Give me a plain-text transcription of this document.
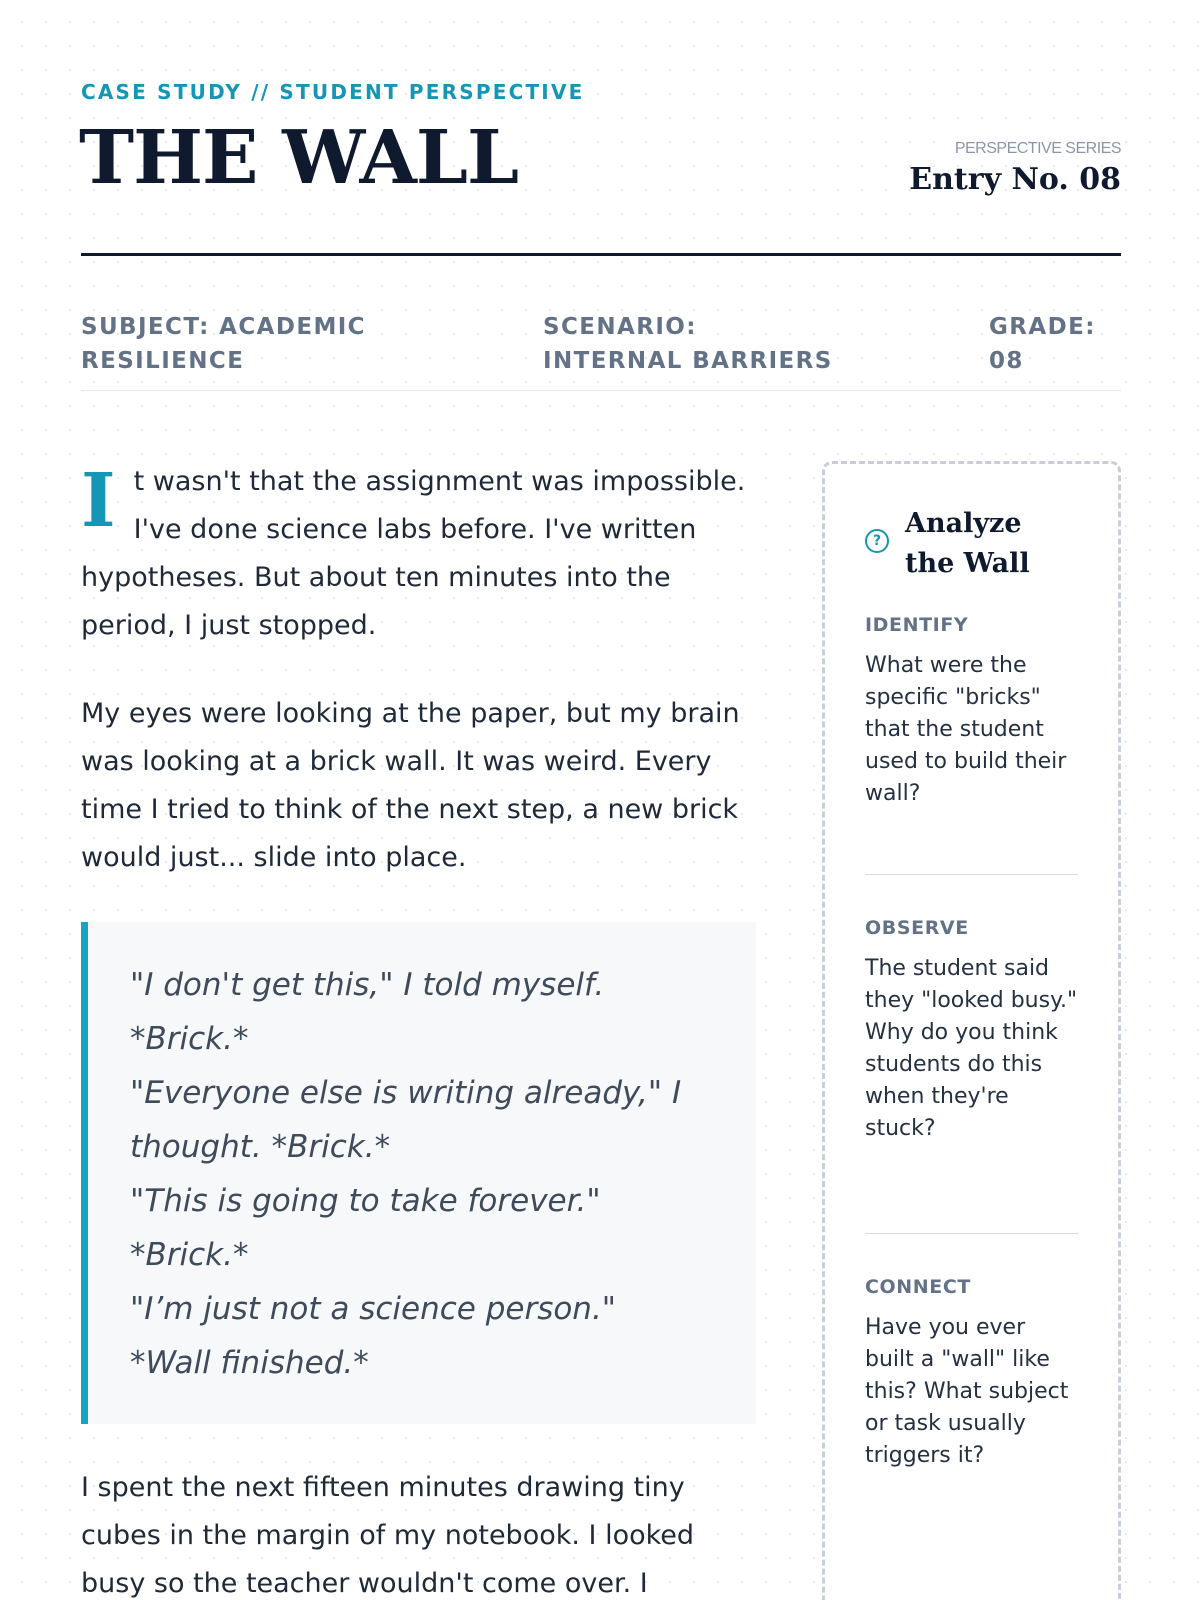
CASE STUDY // STUDENT PERSPECTIVE
THE WALL	PERSPECTIVE SERIES
Entry No. 08
SUBJECT: ACADEMIC RESILIENCE
SCENARIO: INTERNAL BARRIERS
GRADE: 08

It wasn't that the assignment was impossible. I've done science labs before. I've written hypotheses. But about ten minutes into the period, I just stopped.

My eyes were looking at the paper, but my brain was looking at a brick wall. It was weird. Every time I tried to think of the next step, a new brick would just... slide into place.

"I don't get this," I told myself.
*Brick.*
"Everyone else is writing already," I
thought. *Brick.*
"This is going to take forever."
*Brick.*
"I’m just not a science person."
*Wall finished.*

I spent the next fifteen minutes drawing tiny cubes in the margin of my notebook. I looked busy so the teacher wouldn't come over. I

?
Analyze the Wall
IDENTIFY
What were the specific "bricks" that the student used to build their wall?
OBSERVE
The student said they "looked busy." Why do you think students do this when they're stuck?
CONNECT
Have you ever built a "wall" like this? What subject or task usually triggers it?
